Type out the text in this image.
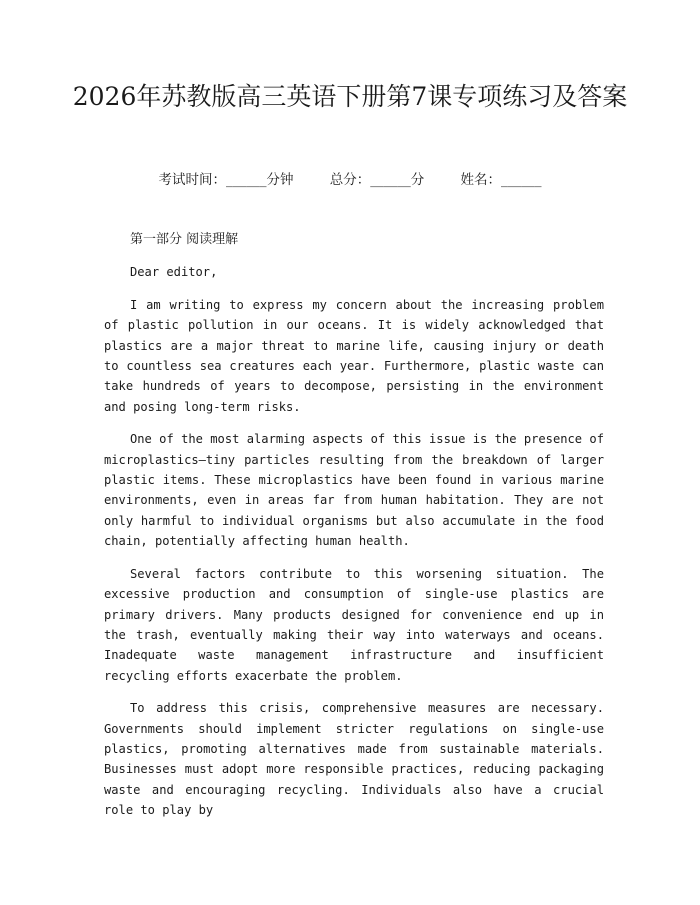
2026年苏教版高三英语下册第7课专项练习及答案
考试时间：______分钟	总分：______分	姓名：______

第一部分 阅读理解

Dear editor,

I am writing to express my concern about the increasing problem of plastic pollution in our oceans. It is widely acknowledged that plastics are a major threat to marine life, causing injury or death to countless sea creatures each year. Furthermore, plastic waste can take hundreds of years to decompose, persisting in the environment and posing long-term risks.

One of the most alarming aspects of this issue is the presence of microplastics—tiny particles resulting from the breakdown of larger plastic items. These microplastics have been found in various marine environments, even in areas far from human habitation. They are not only harmful to individual organisms but also accumulate in the food chain, potentially affecting human health.

Several factors contribute to this worsening situation. The excessive production and consumption of single-use plastics are primary drivers. Many products designed for convenience end up in the trash, eventually making their way into waterways and oceans. Inadequate waste management infrastructure and insufficient recycling efforts exacerbate the problem.

To address this crisis, comprehensive measures are necessary. Governments should implement stricter regulations on single-use plastics, promoting alternatives made from sustainable materials. Businesses must adopt more responsible practices, reducing packaging waste and encouraging recycling. Individuals also have a crucial role to play by
